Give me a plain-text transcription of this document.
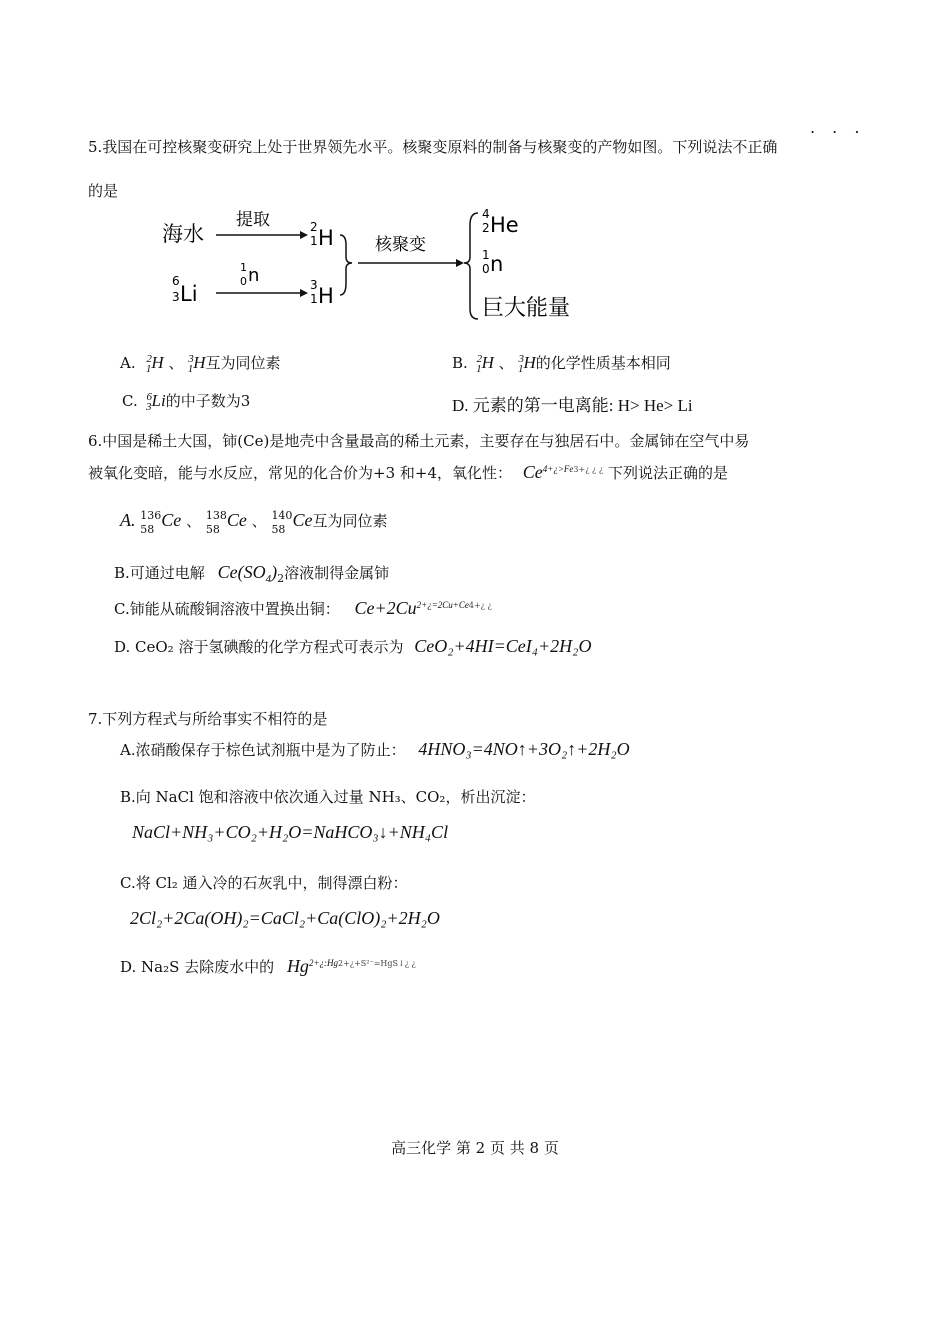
. . .
5.我国在可控核聚变研究上处于世界领先水平。核聚变原料的制备与核聚变的产物如图。下列说法不正确
的是
海水
提取	2
1 H
6
3 Li
1
0 n	3
1 H
核聚变
4
2 He
1
0 n
巨大能量
A. $^2_1$H 、 $^3_1$H互为同位素	B. $^2_1$H 、 $^3_1$H的化学性质基本相同
C. $^6_3$Li的中子数为3	D. 元素的第一电离能: H> He> Li
6.中国是稀土大国，铈(Ce)是地壳中含量最高的稀土元素，主要存在与独居石中。金属铈在空气中易
被氧化变暗，能与水反应，常见的化合价为+3 和+4，氧化性： $Ce^{4+¿>Fe3+¿ ¿ ¿}$ 下列说法正确的是
A. 136
58 Ce 、 138
58 Ce 、 140
58 Ce互为同位素
B.可通过电解 $Ce(SO_4)_2$溶液制得金属铈
C.铈能从硫酸铜溶液中置换出铜： $Ce+2Cu^{2+¿=2Cu+Ce4+¿ ¿}$
D. CeO₂ 溶于氢碘酸的化学方程式可表示为 CeO₂+4HI=CeI₄+2H₂O
7.下列方程式与所给事实不相符的是
A.浓硝酸保存于棕色试剂瓶中是为了防止： 4HNO₃=4NO↑+3O₂↑+2H₂O
B.向 NaCl 饱和溶液中依次通入过量 NH₃、CO₂，析出沉淀：
NaCl+NH₃+CO₂+H₂O=NaHCO₃↓+NH₄Cl
C.将 Cl₂ 通入冷的石灰乳中，制得漂白粉：
2Cl₂+2Ca(OH)₂=CaCl₂+Ca(ClO)₂+2H₂O
D. Na₂S 去除废水中的 $Hg^{2+¿:Hg2+¿+S^{2-}=HgS↓¿ ¿}$
高三化学 第 2 页 共 8 页
